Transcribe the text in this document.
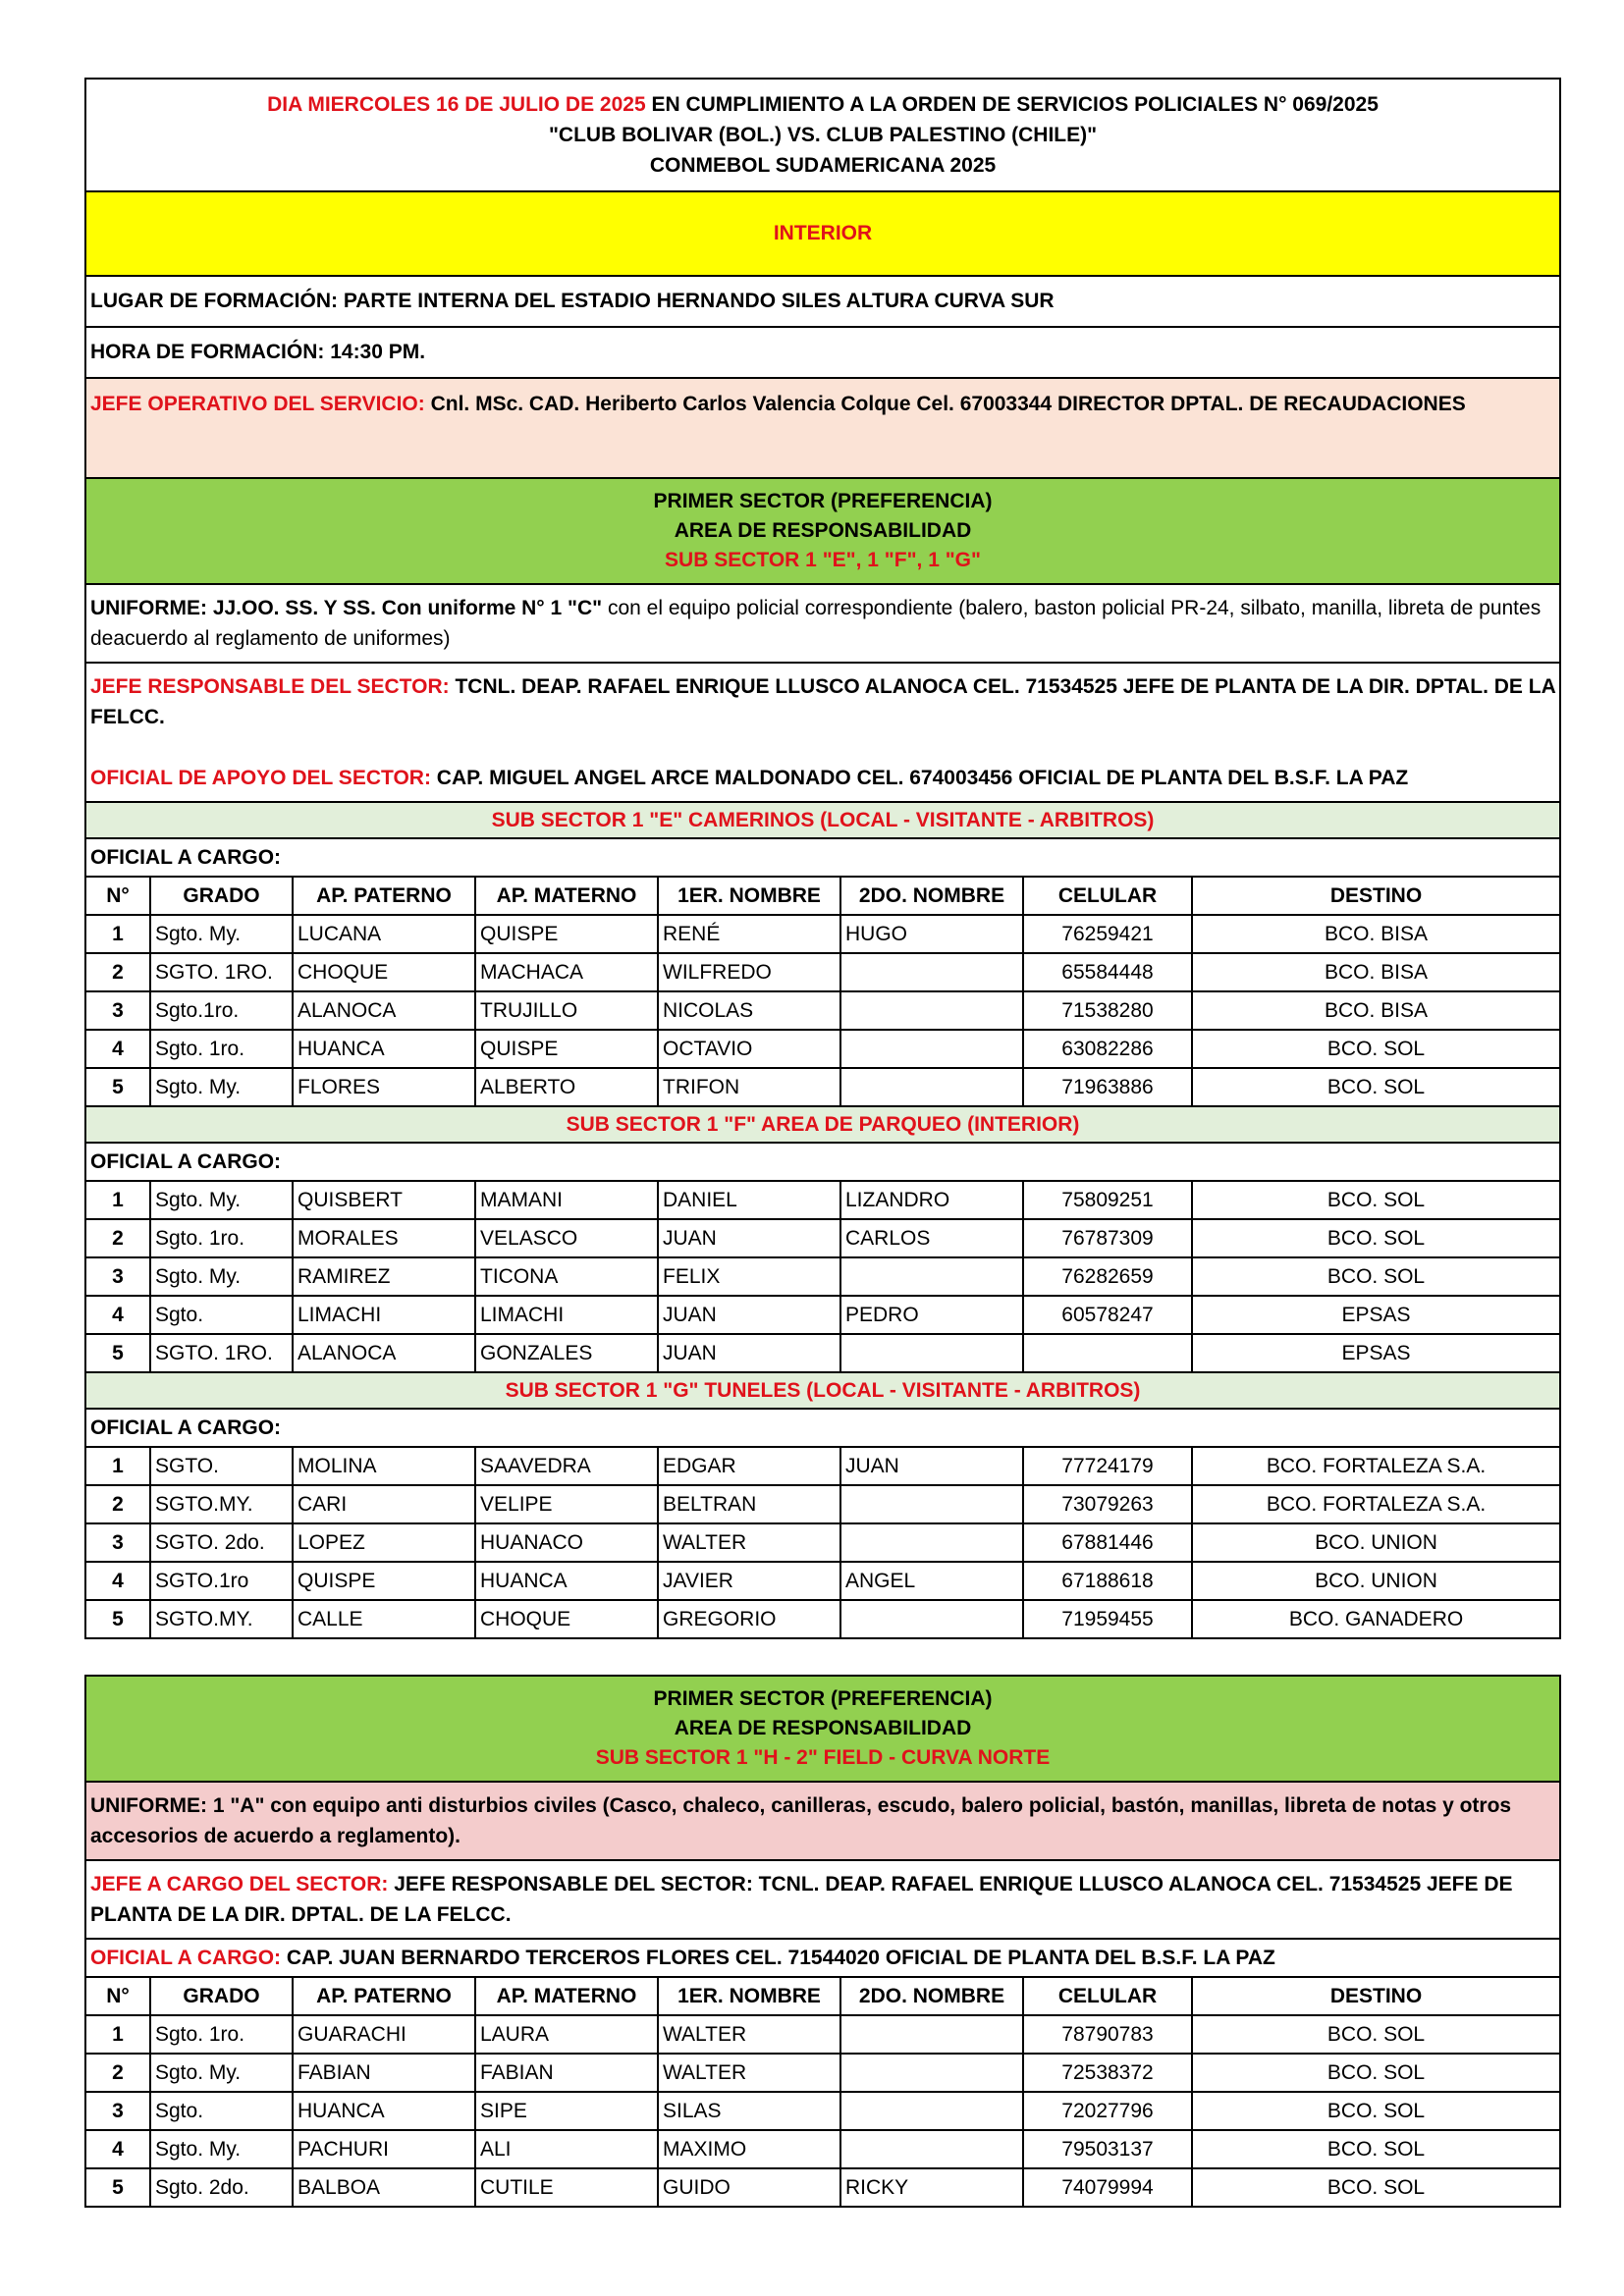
DIA MIERCOLES 16 DE JULIO DE 2025 EN CUMPLIMIENTO A LA ORDEN DE SERVICIOS POLICIALES N° 069/2025
"CLUB BOLIVAR (BOL.) VS. CLUB PALESTINO (CHILE)"
CONMEBOL SUDAMERICANA 2025							
INTERIOR							
LUGAR DE FORMACIÓN: PARTE INTERNA DEL ESTADIO HERNANDO SILES ALTURA CURVA SUR							
HORA DE FORMACIÓN: 14:30 PM.							
JEFE OPERATIVO DEL SERVICIO: Cnl. MSc. CAD. Heriberto Carlos Valencia Colque Cel. 67003344 DIRECTOR DPTAL. DE RECAUDACIONES							
PRIMER SECTOR (PREFERENCIA)
AREA DE RESPONSABILIDAD
SUB SECTOR 1 "E", 1 "F", 1 "G"							
UNIFORME: JJ.OO. SS. Y SS. Con uniforme N° 1 "C" con el equipo policial correspondiente (balero, baston policial PR-24, silbato, manilla, libreta de puntes deacuerdo al reglamento de uniformes)							
JEFE RESPONSABLE DEL SECTOR: TCNL. DEAP. RAFAEL ENRIQUE LLUSCO ALANOCA CEL. 71534525 JEFE DE PLANTA DE LA DIR. DPTAL. DE LA FELCC.

OFICIAL DE APOYO DEL SECTOR: CAP. MIGUEL ANGEL ARCE MALDONADO CEL. 674003456 OFICIAL DE PLANTA DEL B.S.F. LA PAZ							
SUB SECTOR 1 "E" CAMERINOS (LOCAL - VISITANTE - ARBITROS)							
OFICIAL A CARGO:							
N°	GRADO	AP. PATERNO	AP. MATERNO	1ER. NOMBRE	2DO. NOMBRE	CELULAR	DESTINO
1	Sgto. My.	LUCANA	QUISPE	RENÉ	HUGO	76259421	BCO. BISA
2	SGTO. 1RO.	CHOQUE	MACHACA	WILFREDO		65584448	BCO. BISA
3	Sgto.1ro.	ALANOCA	TRUJILLO	NICOLAS		71538280	BCO. BISA
4	Sgto. 1ro.	HUANCA	QUISPE	OCTAVIO		63082286	BCO. SOL
5	Sgto. My.	FLORES	ALBERTO	TRIFON		71963886	BCO. SOL
SUB SECTOR 1 "F" AREA DE PARQUEO (INTERIOR)							
OFICIAL A CARGO:							
1	Sgto. My.	QUISBERT	MAMANI	DANIEL	LIZANDRO	75809251	BCO. SOL
2	Sgto. 1ro.	MORALES	VELASCO	JUAN	CARLOS	76787309	BCO. SOL
3	Sgto. My.	RAMIREZ	TICONA	FELIX		76282659	BCO. SOL
4	Sgto.	LIMACHI	LIMACHI	JUAN	PEDRO	60578247	EPSAS
5	SGTO. 1RO.	ALANOCA	GONZALES	JUAN			EPSAS
SUB SECTOR 1 "G" TUNELES (LOCAL - VISITANTE - ARBITROS)							
OFICIAL A CARGO:							
1	SGTO.	MOLINA	SAAVEDRA	EDGAR	JUAN	77724179	BCO. FORTALEZA S.A.
2	SGTO.MY.	CARI	VELIPE	BELTRAN		73079263	BCO. FORTALEZA S.A.
3	SGTO. 2do.	LOPEZ	HUANACO	WALTER		67881446	BCO. UNION
4	SGTO.1ro	QUISPE	HUANCA	JAVIER	ANGEL	67188618	BCO. UNION
5	SGTO.MY.	CALLE	CHOQUE	GREGORIO		71959455	BCO. GANADERO
PRIMER SECTOR (PREFERENCIA)
AREA DE RESPONSABILIDAD
SUB SECTOR 1 "H - 2" FIELD - CURVA NORTE							
UNIFORME: 1 "A" con equipo anti disturbios civiles (Casco, chaleco, canilleras, escudo, balero policial, bastón, manillas, libreta de notas y otros accesorios de acuerdo a reglamento).							
JEFE A CARGO DEL SECTOR: JEFE RESPONSABLE DEL SECTOR: TCNL. DEAP. RAFAEL ENRIQUE LLUSCO ALANOCA CEL. 71534525 JEFE DE PLANTA DE LA DIR. DPTAL. DE LA FELCC.							
OFICIAL A CARGO: CAP. JUAN BERNARDO TERCEROS FLORES CEL. 71544020 OFICIAL DE PLANTA DEL B.S.F. LA PAZ							
N°	GRADO	AP. PATERNO	AP. MATERNO	1ER. NOMBRE	2DO. NOMBRE	CELULAR	DESTINO
1	Sgto. 1ro.	GUARACHI	LAURA	WALTER		78790783	BCO. SOL
2	Sgto. My.	FABIAN	FABIAN	WALTER		72538372	BCO. SOL
3	Sgto.	HUANCA	SIPE	SILAS		72027796	BCO. SOL
4	Sgto. My.	PACHURI	ALI	MAXIMO		79503137	BCO. SOL
5	Sgto. 2do.	BALBOA	CUTILE	GUIDO	RICKY	74079994	BCO. SOL
